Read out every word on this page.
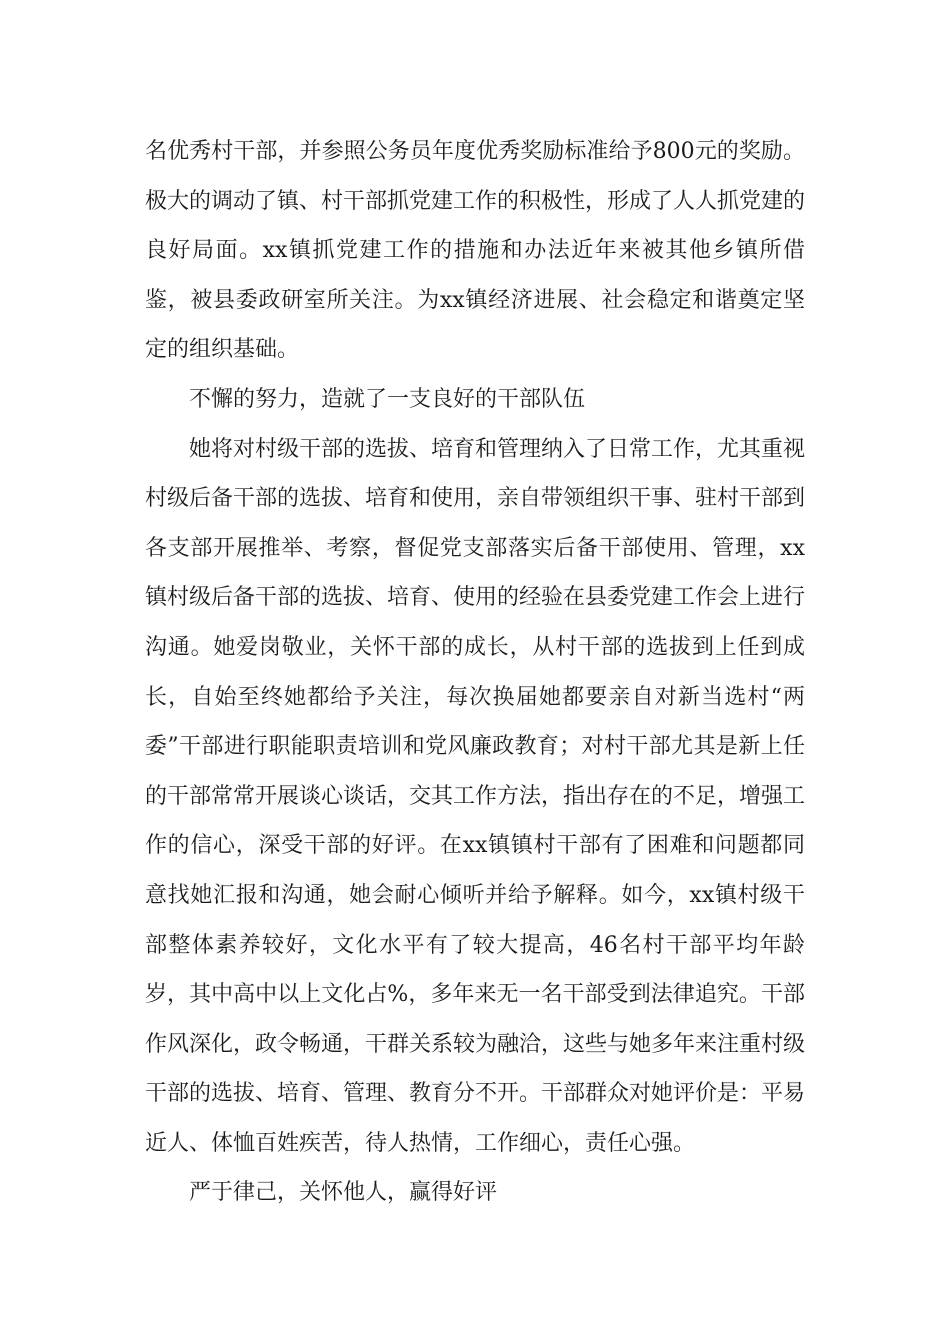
名优秀村干部，并参照公务员年度优秀奖励标准给予800元的奖励。极大的调动了镇、村干部抓党建工作的积极性，形成了人人抓党建的良好局面。xx镇抓党建工作的措施和办法近年来被其他乡镇所借鉴，被县委政研室所关注。为xx镇经济进展、社会稳定和谐奠定坚定的组织基础。

不懈的努力，造就了一支良好的干部队伍

她将对村级干部的选拔、培育和管理纳入了日常工作，尤其重视村级后备干部的选拔、培育和使用，亲自带领组织干事、驻村干部到各支部开展推举、考察，督促党支部落实后备干部使用、管理，xx镇村级后备干部的选拔、培育、使用的经验在县委党建工作会上进行沟通。她爱岗敬业，关怀干部的成长，从村干部的选拔到上任到成长，自始至终她都给予关注，每次换届她都要亲自对新当选村“两委”干部进行职能职责培训和党风廉政教育；对村干部尤其是新上任的干部常常开展谈心谈话，交其工作方法，指出存在的不足，增强工作的信心，深受干部的好评。在xx镇镇村干部有了困难和问题都同意找她汇报和沟通，她会耐心倾听并给予解释。如今，xx镇村级干部整体素养较好，文化水平有了较大提高，46名村干部平均年龄岁，其中高中以上文化占%，多年来无一名干部受到法律追究。干部作风深化，政令畅通，干群关系较为融洽，这些与她多年来注重村级干部的选拔、培育、管理、教育分不开。干部群众对她评价是：平易近人、体恤百姓疾苦，待人热情，工作细心，责任心强。

严于律己，关怀他人，赢得好评
